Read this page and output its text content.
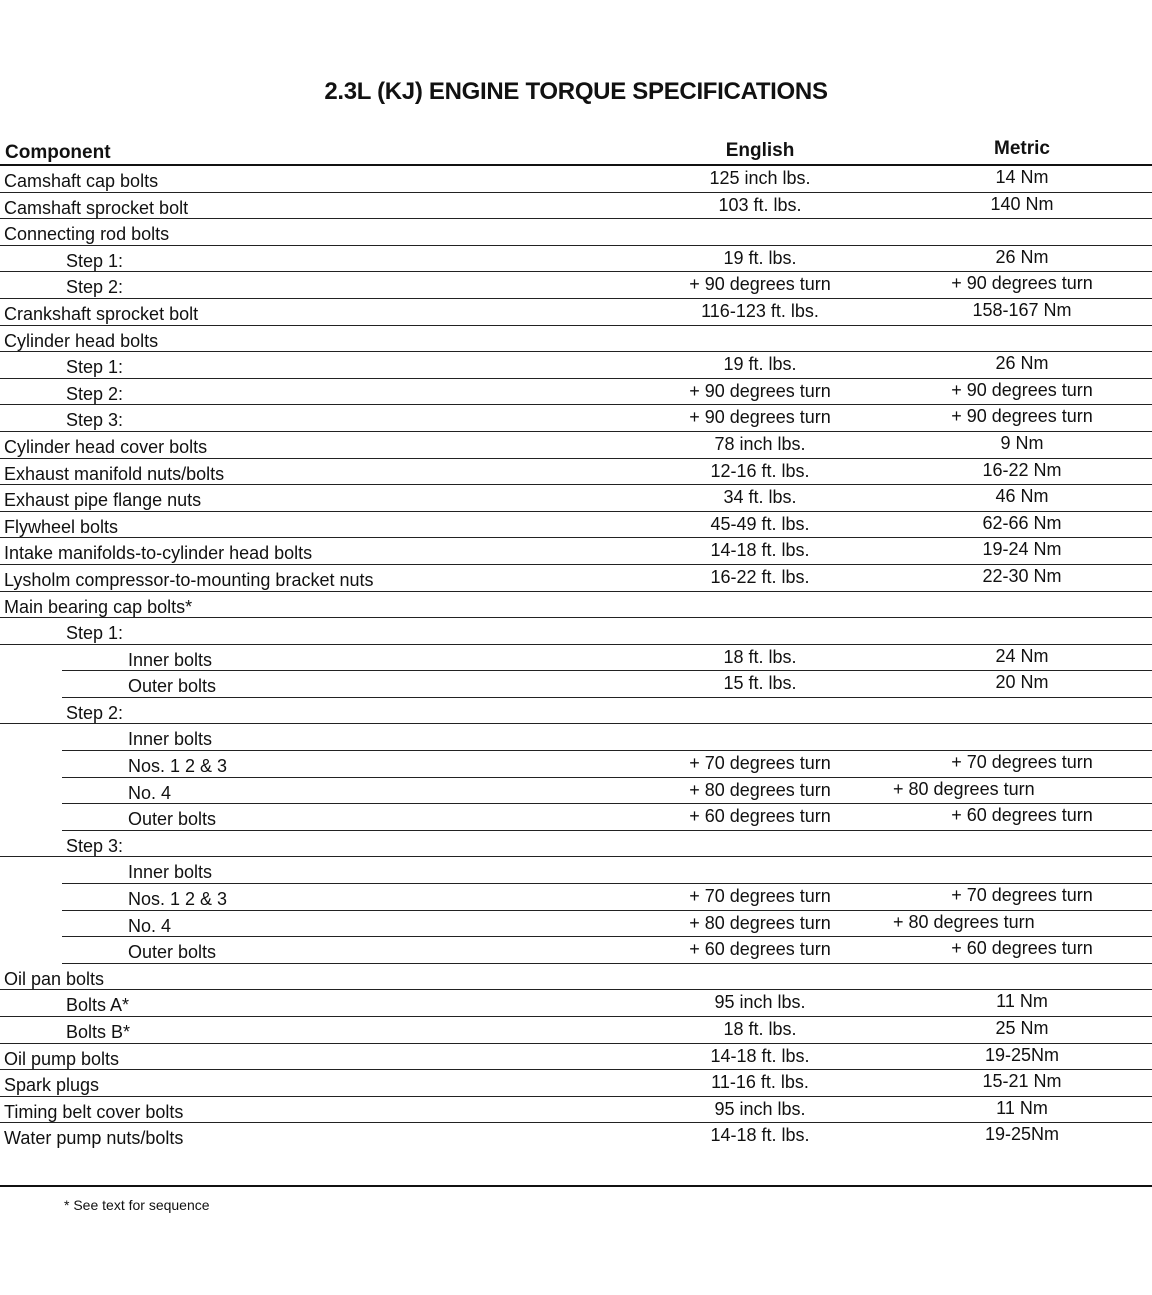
2.3L (KJ) ENGINE TORQUE SPECIFICATIONS
Component	English	Metric
Camshaft cap bolts	125 inch lbs.	14 Nm
Camshaft sprocket bolt	103 ft. lbs.	140 Nm
Connecting rod bolts
Step 1:	19 ft. lbs.	26 Nm
Step 2:	+ 90 degrees turn	+ 90 degrees turn
Crankshaft sprocket bolt	116-123 ft. lbs.	158-167 Nm
Cylinder head bolts
Step 1:	19 ft. lbs.	26 Nm
Step 2:	+ 90 degrees turn	+ 90 degrees turn
Step 3:	+ 90 degrees turn	+ 90 degrees turn
Cylinder head cover bolts	78 inch lbs.	9 Nm
Exhaust manifold nuts/bolts	12-16 ft. lbs.	16-22 Nm
Exhaust pipe flange nuts	34 ft. lbs.	46 Nm
Flywheel bolts	45-49 ft. lbs.	62-66 Nm
Intake manifolds-to-cylinder head bolts	14-18 ft. lbs.	19-24 Nm
Lysholm compressor-to-mounting bracket nuts	16-22 ft. lbs.	22-30 Nm
Main bearing cap bolts*
Step 1:
Inner bolts	18 ft. lbs.	24 Nm
Outer bolts	15 ft. lbs.	20 Nm
Step 2:
Inner bolts
Nos. 1 2 & 3	+ 70 degrees turn	+ 70 degrees turn
No. 4	+ 80 degrees turn	+ 80 degrees turn
Outer bolts	+ 60 degrees turn	+ 60 degrees turn
Step 3:
Inner bolts
Nos. 1 2 & 3	+ 70 degrees turn	+ 70 degrees turn
No. 4	+ 80 degrees turn	+ 80 degrees turn
Outer bolts	+ 60 degrees turn	+ 60 degrees turn
Oil pan bolts
Bolts A*	95 inch lbs.	11 Nm
Bolts B*	18 ft. lbs.	25 Nm
Oil pump bolts	14-18 ft. lbs.	19-25Nm
Spark plugs	11-16 ft. lbs.	15-21 Nm
Timing belt cover bolts	95 inch lbs.	11 Nm
Water pump nuts/bolts	14-18 ft. lbs.	19-25Nm
* See text for sequence
